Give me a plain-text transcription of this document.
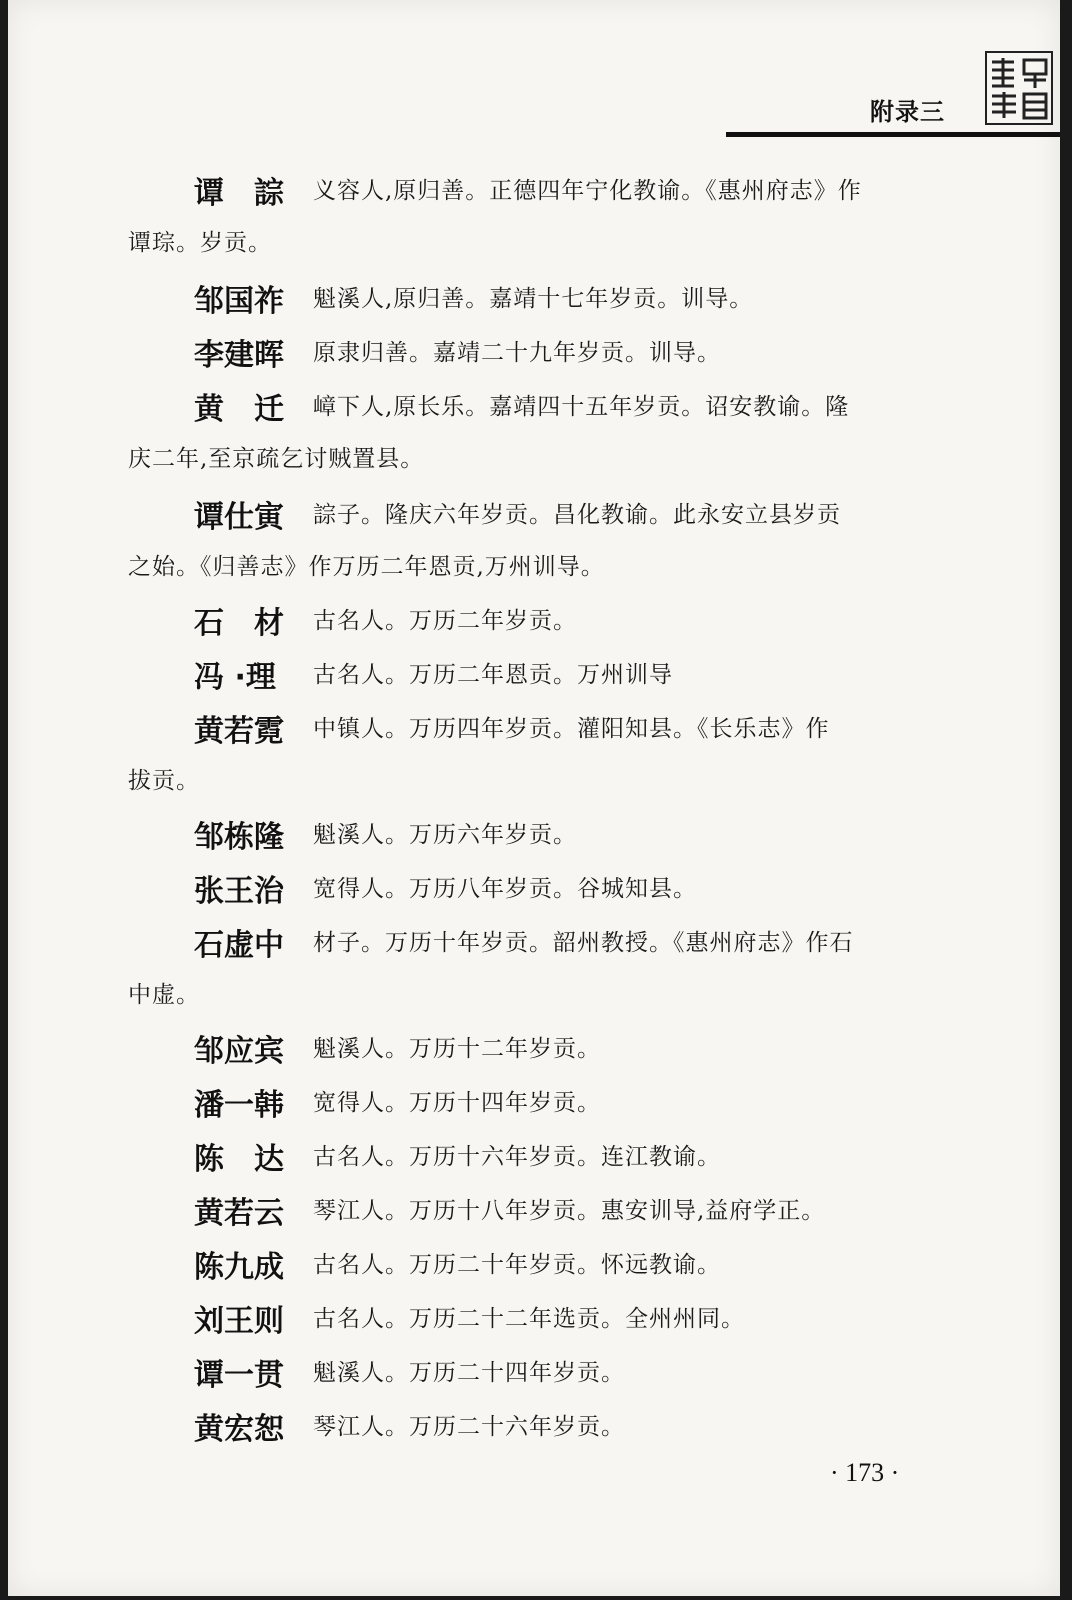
附录三
谭　誴 义容人,原归善。正德四年宁化教谕。《惠州府志》作
谭琮。岁贡。
邹国祚 魁溪人,原归善。嘉靖十七年岁贡。训导。
李建晖 原隶归善。嘉靖二十九年岁贡。训导。
黄　迁 嶂下人,原长乐。嘉靖四十五年岁贡。诏安教谕。隆
庆二年,至京疏乞讨贼置县。
谭仕寅 誴子。隆庆六年岁贡。昌化教谕。此永安立县岁贡
之始。《归善志》作万历二年恩贡,万州训导。
石　材 古名人。万历二年岁贡。
冯 ·理 古名人。万历二年恩贡。万州训导
黄若霓 中镇人。万历四年岁贡。灌阳知县。《长乐志》作
拔贡。
邹栋隆 魁溪人。万历六年岁贡。
张王治 宽得人。万历八年岁贡。谷城知县。
石虚中 材子。万历十年岁贡。韶州教授。《惠州府志》作石
中虚。
邹应宾 魁溪人。万历十二年岁贡。
潘一韩 宽得人。万历十四年岁贡。
陈　达 古名人。万历十六年岁贡。连江教谕。
黄若云 琴江人。万历十八年岁贡。惠安训导,益府学正。
陈九成 古名人。万历二十年岁贡。怀远教谕。
刘王则 古名人。万历二十二年选贡。全州州同。
谭一贯 魁溪人。万历二十四年岁贡。
黄宏恕 琴江人。万历二十六年岁贡。
· 173 ·
